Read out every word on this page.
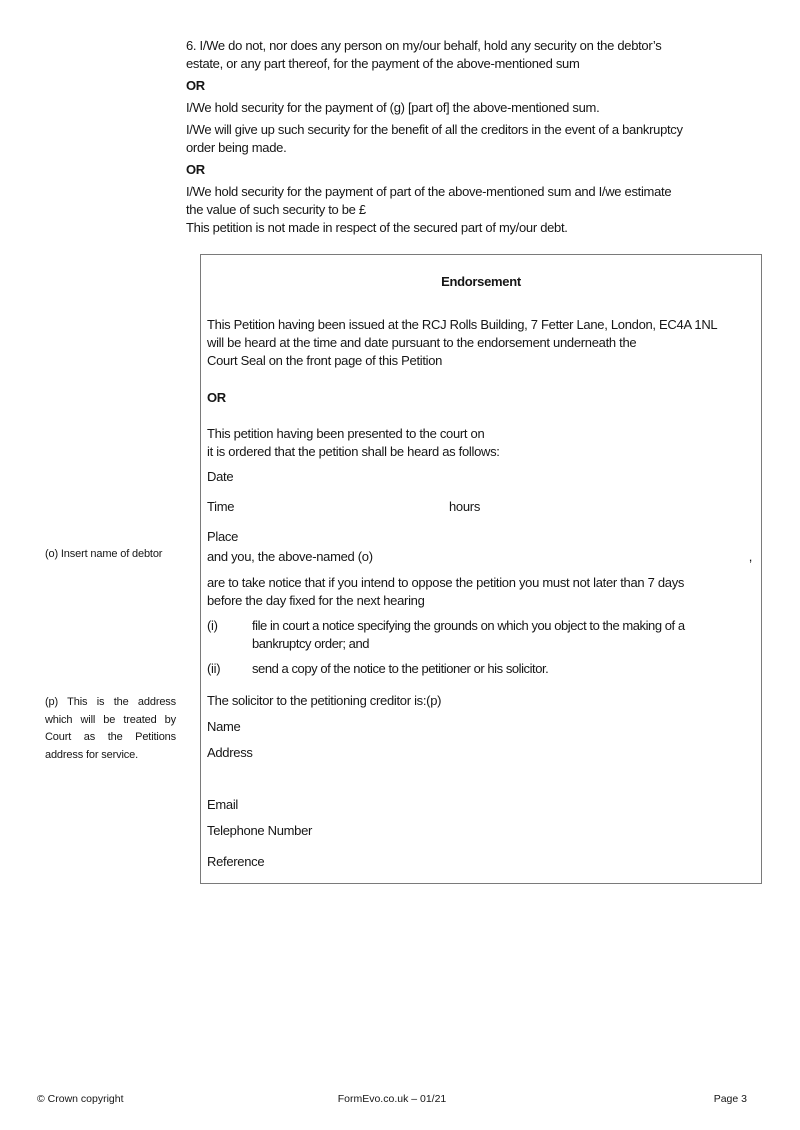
6. I/We do not, nor does any person on my/our behalf, hold any security on the debtor’s
estate, or any part thereof, for the payment of the above-mentioned sum

OR

I/We hold security for the payment of (g) [part of] the above-mentioned sum.

I/We will give up such security for the benefit of all the creditors in the event of a bankruptcy
order being made.

OR

I/We hold security for the payment of part of the above-mentioned sum and I/we estimate
the value of such security to be £
This petition is not made in respect of the secured part of my/our debt.

(o) Insert name of debtor
(p) This is the address which will be treated by Court as the Petitions address for service.
Endorsement
This Petition having been issued at the RCJ Rolls Building, 7 Fetter Lane, London, EC4A 1NL
will be heard at the time and date pursuant to the endorsement underneath the
Court Seal on the front page of this Petition
OR
This petition having been presented to the court on
it is ordered that the petition shall be heard as follows:
Date
Time	hours
Place
and you, the above-named (o)	,
are to take notice that if you intend to oppose the petition you must not later than 7 days
before the day fixed for the next hearing
(i)	file in court a notice specifying the grounds on which you object to the making of a
bankruptcy order; and
(ii) send a copy of the notice to the petitioner or his solicitor.
The solicitor to the petitioning creditor is:(p)
Name
Address
Email
Telephone Number
Reference
© Crown copyright	FormEvo.co.uk – 01/21	Page 3
